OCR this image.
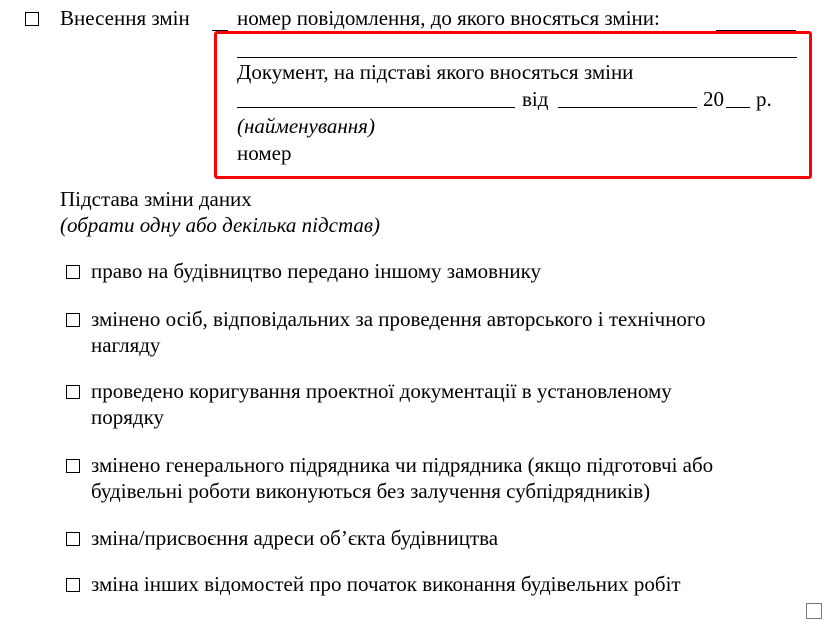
Внесення змін номер повідомлення, до якого вносяться зміни:
Документ, на підставі якого вносяться зміни
від	20 р.
(найменування)
номер
Підстава зміни даних
(обрати одну або декілька підстав)
право на будівництво передано іншому замовнику
змінено осіб, відповідальних за проведення авторського і технічного
нагляду
проведено коригування проектної документації в установленому
порядку
змінено генерального підрядника чи підрядника (якщо підготовчі або
будівельні роботи виконуються без залучення субпідрядників)
зміна/присвоєння адреси об’єкта будівництва
зміна інших відомостей про початок виконання будівельних робіт
